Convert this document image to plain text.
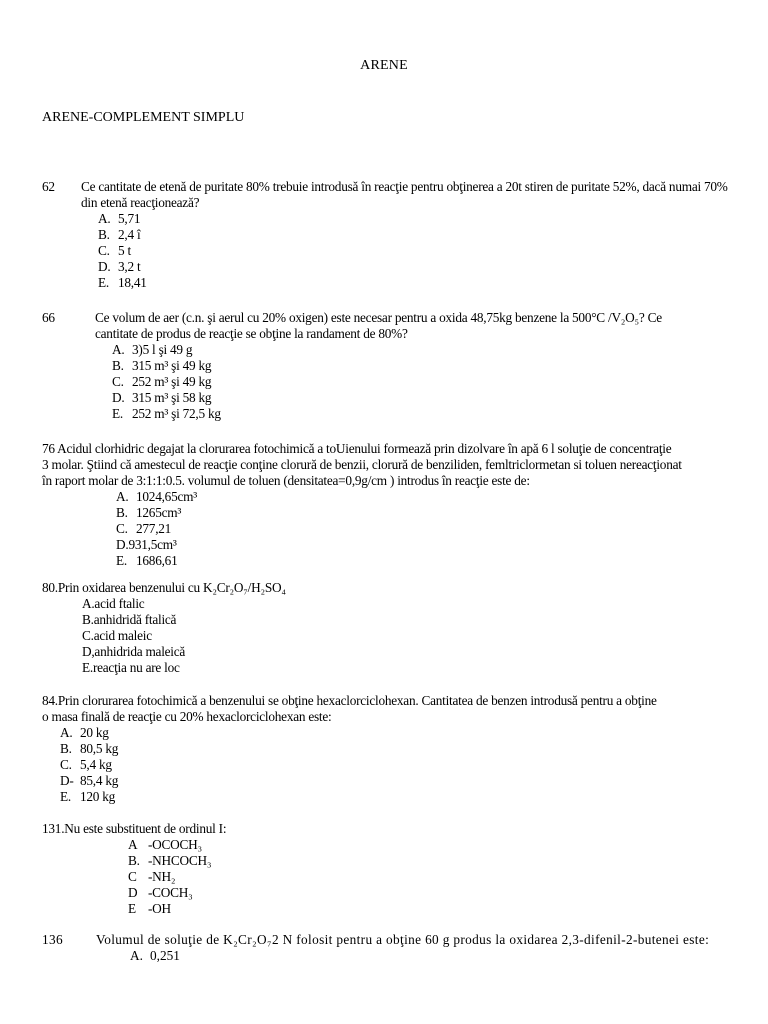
ARENE
ARENE-COMPLEMENT SIMPLU
62 Ce cantitate de etenă de puritate 80% trebuie introdusă în reacţie pentru obţinerea a 20t stiren de puritate 52%, dacă numai 70%
din etenă reacţionează?
A. 5,71
B. 2,4 î
C. 5 t
D. 3,2 t
E. 18,41
66	Ce volum de aer (c.n. şi aerul cu 20% oxigen) este necesar pentru a oxida 48,75kg benzene la 500°C /V₂O₅? Ce
cantitate de produs de reacţie se obţine la randament de 80%?
A. 3)5 l şi 49 g
B. 315 m³ şi 49 kg
C. 252 m³ şi 49 kg
D. 315 m³ şi 58 kg
E. 252 m³ şi 72,5 kg
76 Acidul clorhidric degajat la clorurarea fotochimică a toUienului formează prin dizolvare în apă 6 l soluţie de concentraţie
3 molar. Ştiind că amestecul de reacţie conţine clorură de benzii, clorură de benziliden, femltriclormetan si toluen nereacţionat
în raport molar de 3:1:1:0.5. volumul de toluen (densitatea=0,9g/cm ) introdus în reacţie este de:
A. 1024,65cm³
B. 1265cm³
C. 277,21
D.931,5cm³
E. 1686,61
80.Prin oxidarea benzenului cu K₂Cr₂O₇/H₂SO₄
A.acid ftalic
B.anhidridă ftalică
C.acid maleic
D,anhidrida maleică
E.reacţia nu are loc
84.Prin clorurarea fotochimică a benzenului se obţine hexaclorciclohexan. Cantitatea de benzen introdusă pentru a obţine
o masa finală de reacţie cu 20% hexaclorciclohexan este:
A. 20 kg
B. 80,5 kg
C. 5,4 kg
D- 85,4 kg
E. 120 kg
131.Nu este substituent de ordinul I:
A -OCOCH₃
B. -NHCOCH₃
C -NH₂
D -COCH₃
E -OH
136 Volumul de soluţie de K₂Cr₂O₇2 N folosit pentru a obţine 60 g produs la oxidarea 2,3-difenil-2-butenei este:
A. 0,251
